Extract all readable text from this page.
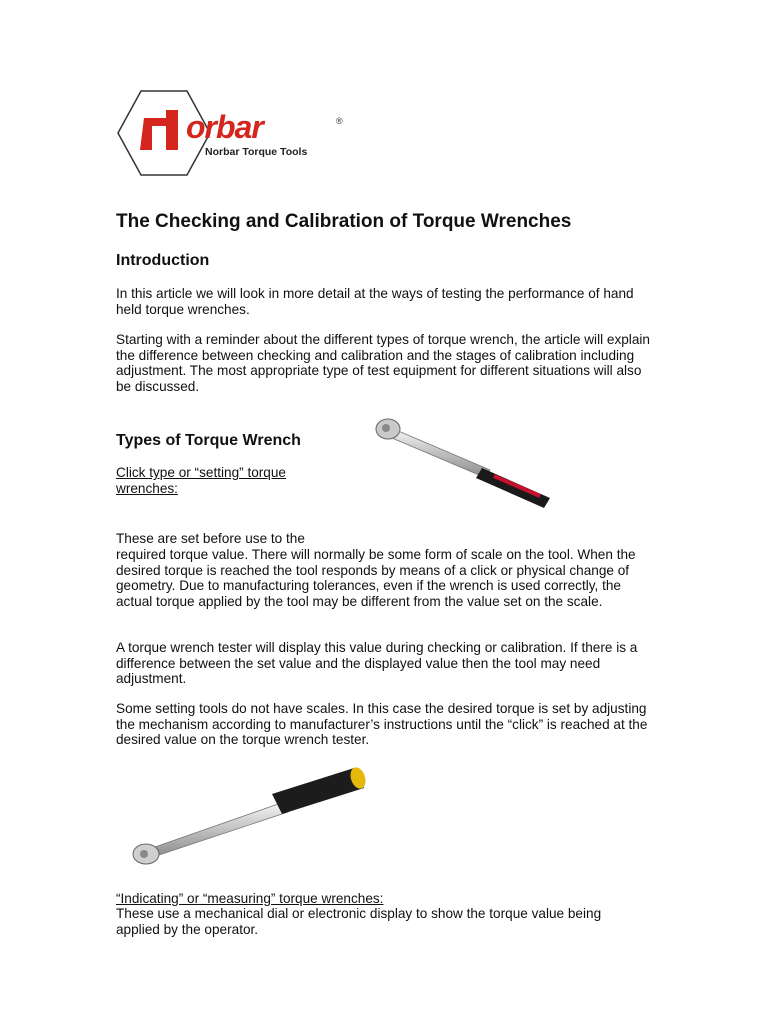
orbar	®
Norbar Torque Tools
The Checking and Calibration of Torque Wrenches
Introduction

In this article we will look in more detail at the ways of testing the performance of hand held torque wrenches.

Starting with a reminder about the different types of torque wrench, the article will explain the difference between checking and calibration and the stages of calibration including adjustment. The most appropriate type of test equipment for different situations will also be discussed.

Types of Torque Wrench

Click type or “setting” torque wrenches:

These are set before use to the

required torque value. There will normally be some form of scale on the tool. When the desired torque is reached the tool responds by means of a click or physical change of geometry. Due to manufacturing tolerances, even if the wrench is used correctly, the actual torque applied by the tool may be different from the value set on the scale.

A torque wrench tester will display this value during checking or calibration. If there is a difference between the set value and the displayed value then the tool may need adjustment.

Some setting tools do not have scales. In this case the desired torque is set by adjusting the mechanism according to manufacturer’s instructions until the “click” is reached at the desired value on the torque wrench tester.

“Indicating” or “measuring” torque wrenches:

These use a mechanical dial or electronic display to show the torque value being applied by the operator.
